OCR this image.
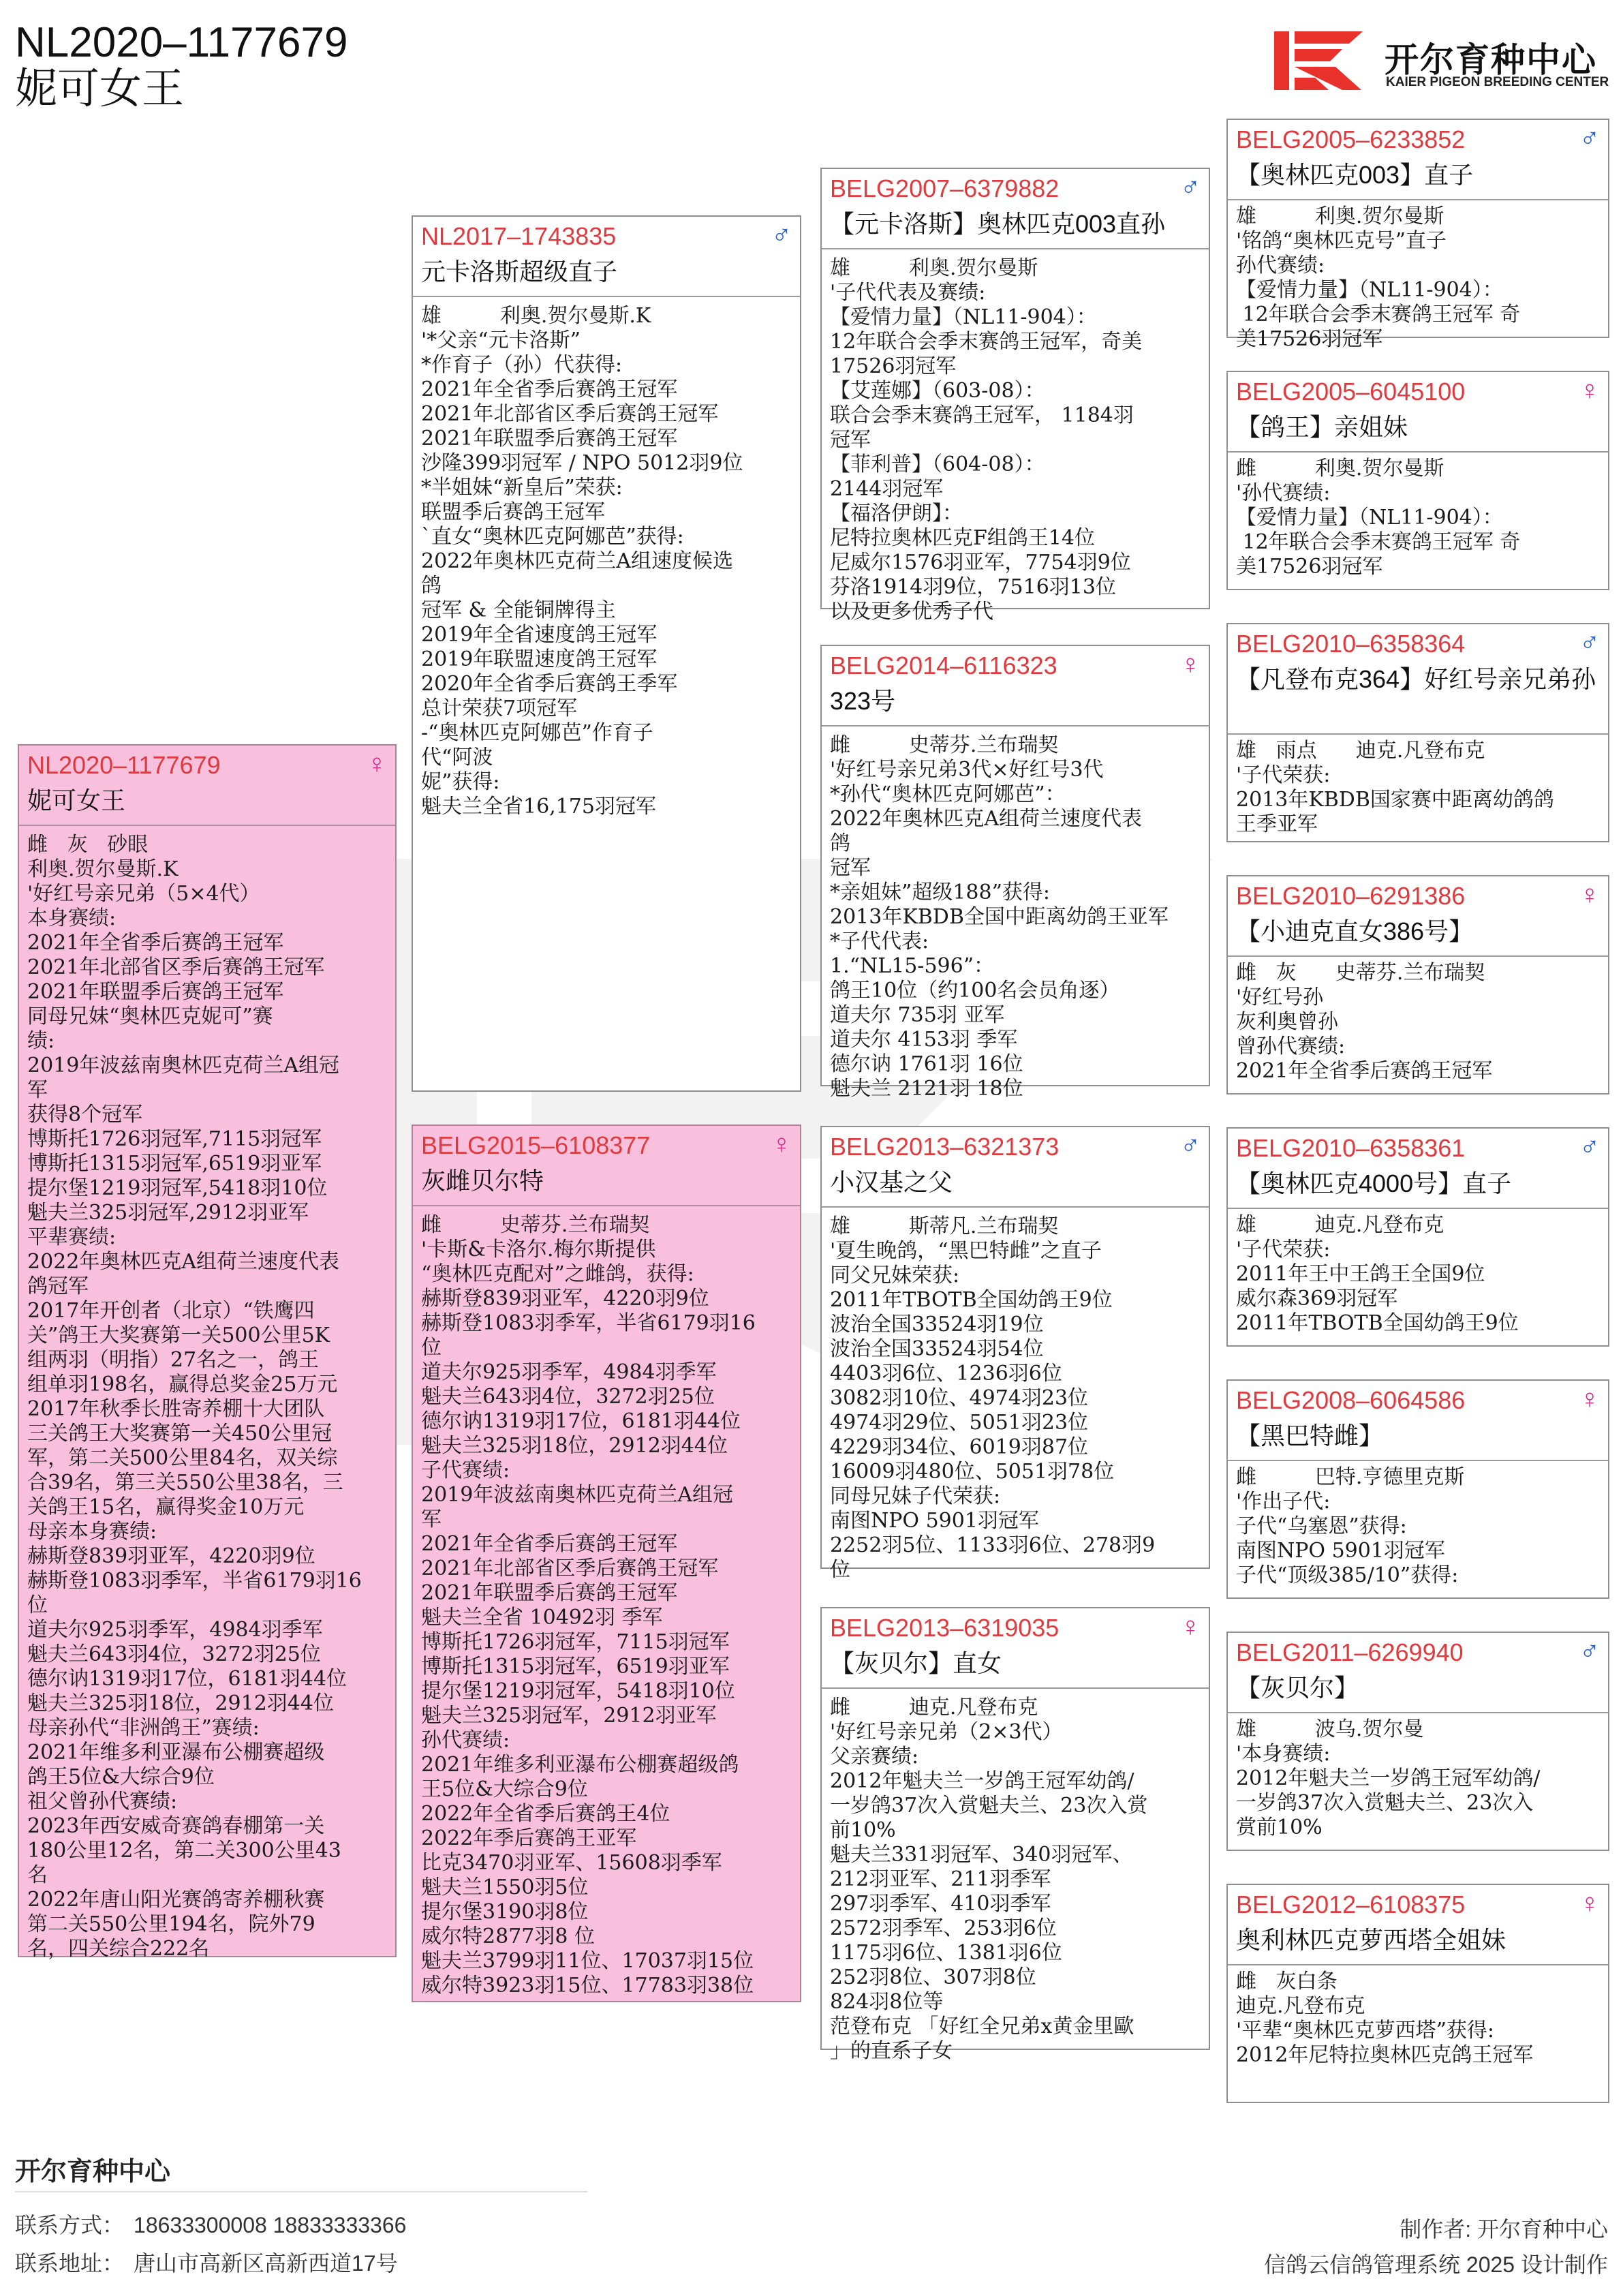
NL2020–1177679
妮可女王
开尔育种中心
KAIER PIGEON BREEDING CENTER
NL2020–1177679	♀
妮可女王
雌   灰   砂眼
利奥.贺尔曼斯.K
'好红号亲兄弟（5×4代）
本身赛绩:
2021年全省季后赛鸽王冠军
2021年北部省区季后赛鸽王冠军
2021年联盟季后赛鸽王冠军
同母兄妹“奥林匹克妮可”赛
绩:
2019年波兹南奥林匹克荷兰A组冠
军
获得8个冠军
博斯托1726羽冠军,7115羽冠军
博斯托1315羽冠军,6519羽亚军
提尔堡1219羽冠军,5418羽10位
魁夫兰325羽冠军,2912羽亚军
平辈赛绩:
2022年奥林匹克A组荷兰速度代表
鸽冠军
2017年开创者（北京）“铁鹰四
关”鸽王大奖赛第一关500公里5K
组两羽（明指）27名之一，鸽王
组单羽198名，赢得总奖金25万元
2017年秋季长胜寄养棚十大团队
三关鸽王大奖赛第一关450公里冠
军，第二关500公里84名，双关综
合39名，第三关550公里38名，三
关鸽王15名，赢得奖金10万元
母亲本身赛绩:
赫斯登839羽亚军，4220羽9位
赫斯登1083羽季军，半省6179羽16
位
道夫尔925羽季军，4984羽季军
魁夫兰643羽4位，3272羽25位
德尔讷1319羽17位，6181羽44位
魁夫兰325羽18位，2912羽44位
母亲孙代“非洲鸽王”赛绩:
2021年维多利亚瀑布公棚赛超级
鸽王5位&大综合9位
祖父曾孙代赛绩:
2023年西安威奇赛鸽春棚第一关
180公里12名，第二关300公里43
名
2022年唐山阳光赛鸽寄养棚秋赛
第二关550公里194名，院外79
名，四关综合222名
NL2017–1743835	♂
元卡洛斯超级直子
雄         利奥.贺尔曼斯.K
'*父亲“元卡洛斯”
*作育子（孙）代获得:
2021年全省季后赛鸽王冠军
2021年北部省区季后赛鸽王冠军
2021年联盟季后赛鸽王冠军
沙隆399羽冠军 / NPO 5012羽9位
*半姐妹“新皇后”荣获:
联盟季后赛鸽王冠军
`直女“奥林匹克阿娜芭”获得:
2022年奥林匹克荷兰A组速度候选
鸽
冠军 & 全能铜牌得主
2019年全省速度鸽王冠军
2019年联盟速度鸽王冠军
2020年全省季后赛鸽王季军
总计荣获7项冠军
-“奥林匹克阿娜芭”作育子
代“阿波
妮”获得:
魁夫兰全省16,175羽冠军
BELG2015–6108377	♀
灰雌贝尔特
雌         史蒂芬.兰布瑞契
'卡斯&卡洛尔.梅尔斯提供
“奥林匹克配对”之雌鸽，获得:
赫斯登839羽亚军，4220羽9位
赫斯登1083羽季军，半省6179羽16
位
道夫尔925羽季军，4984羽季军
魁夫兰643羽4位，3272羽25位
德尔讷1319羽17位，6181羽44位
魁夫兰325羽18位，2912羽44位
子代赛绩:
2019年波兹南奥林匹克荷兰A组冠
军
2021年全省季后赛鸽王冠军
2021年北部省区季后赛鸽王冠军
2021年联盟季后赛鸽王冠军
魁夫兰全省 10492羽 季军
博斯托1726羽冠军，7115羽冠军
博斯托1315羽冠军，6519羽亚军
提尔堡1219羽冠军，5418羽10位
魁夫兰325羽冠军，2912羽亚军
孙代赛绩:
2021年维多利亚瀑布公棚赛超级鸽
王5位&大综合9位
2022年全省季后赛鸽王4位
2022年季后赛鸽王亚军
比克3470羽亚军、15608羽季军
魁夫兰1550羽5位
提尔堡3190羽8位
威尔特2877羽8 位
魁夫兰3799羽11位、17037羽15位
威尔特3923羽15位、17783羽38位
BELG2007–6379882	♂
【元卡洛斯】奥林匹克003直孙
雄         利奥.贺尔曼斯
'子代代表及赛绩:
【爱情力量】（NL11-904）：
12年联合会季末赛鸽王冠军，奇美
17526羽冠军
【艾莲娜】（603-08）：
联合会季末赛鸽王冠军， 1184羽
冠军
【菲利普】（604-08）：
2144羽冠军
【福洛伊朗】：
尼特拉奥林匹克F组鸽王14位
尼威尔1576羽亚军，7754羽9位
芬洛1914羽9位，7516羽13位
以及更多优秀子代
BELG2014–6116323	♀
323号
雌         史蒂芬.兰布瑞契
'好红号亲兄弟3代×好红号3代
*孙代“奥林匹克阿娜芭”：
2022年奥林匹克A组荷兰速度代表
鸽
冠军
*亲姐妹”超级188”获得:
2013年KBDB全国中距离幼鸽王亚军
*子代代表:
1.“NL15-596”：
鸽王10位（约100名会员角逐）
道夫尔 735羽 亚军
道夫尔 4153羽 季军
德尔讷 1761羽 16位
魁夫兰 2121羽 18位
BELG2013–6321373	♂
小汉基之父
雄         斯蒂凡.兰布瑞契
'夏生晚鸽，“黑巴特雌”之直子
同父兄妹荣获:
2011年TBOTB全国幼鸽王9位
波治全国33524羽19位
波治全国33524羽54位
4403羽6位、1236羽6位
3082羽10位、4974羽23位
4974羽29位、5051羽23位
4229羽34位、6019羽87位
16009羽480位、5051羽78位
同母兄妹子代荣获:
南图NPO 5901羽冠军
2252羽5位、1133羽6位、278羽9
位
BELG2013–6319035	♀
【灰贝尔】直女
雌         迪克.凡登布克
'好红号亲兄弟（2×3代）
父亲赛绩:
2012年魁夫兰一岁鸽王冠军幼鸽/
一岁鸽37次入赏魁夫兰、23次入赏
前10%
魁夫兰331羽冠军、340羽冠军、
212羽亚军、211羽季军
297羽季军、410羽季军
2572羽季军、253羽6位
1175羽6位、1381羽6位
252羽8位、307羽8位
824羽8位等
范登布克 「好红全兄弟x黄金里歐
」的直系子女
BELG2005–6233852	♂
【奥林匹克003】直子
雄         利奥.贺尔曼斯
'铭鸽“奥林匹克号”直子
孙代赛绩:
【爱情力量】（NL11-904）：
12年联合会季末赛鸽王冠军 奇
美17526羽冠军
BELG2005–6045100	♀
【鸽王】亲姐妹
雌         利奥.贺尔曼斯
'孙代赛绩:
【爱情力量】（NL11-904）：
12年联合会季末赛鸽王冠军 奇
美17526羽冠军
BELG2010–6358364	♂
【凡登布克364】好红号亲兄弟孙
雄   雨点      迪克.凡登布克
'子代荣获:
2013年KBDB国家赛中距离幼鸽鸽
王季亚军
BELG2010–6291386	♀
【小迪克直女386号】
雌   灰      史蒂芬.兰布瑞契
'好红号孙
灰利奥曾孙
曾孙代赛绩:
2021年全省季后赛鸽王冠军
BELG2010–6358361	♂
【奥林匹克4000号】直子
雄         迪克.凡登布克
'子代荣获:
2011年王中王鸽王全国9位
威尔森369羽冠军
2011年TBOTB全国幼鸽王9位
BELG2008–6064586	♀
【黑巴特雌】
雌         巴特.亨德里克斯
'作出子代:
子代“乌塞恩”获得:
南图NPO 5901羽冠军
子代“顶级385/10”获得:
BELG2011–6269940	♂
【灰贝尔】
雄         波乌.贺尔曼
'本身赛绩:
2012年魁夫兰一岁鸽王冠军幼鸽/
一岁鸽37次入赏魁夫兰、23次入
赏前10%
BELG2012–6108375	♀
奥利林匹克萝西塔全姐妹
雌   灰白条
迪克.凡登布克
'平辈“奥林匹克萝西塔”获得:
2012年尼特拉奥林匹克鸽王冠军
开尔育种中心
联系方式： 18633300008 18833333366
联系地址： 唐山市高新区高新西道17号
制作者: 开尔育种中心
信鸽云信鸽管理系统 2025 设计制作
